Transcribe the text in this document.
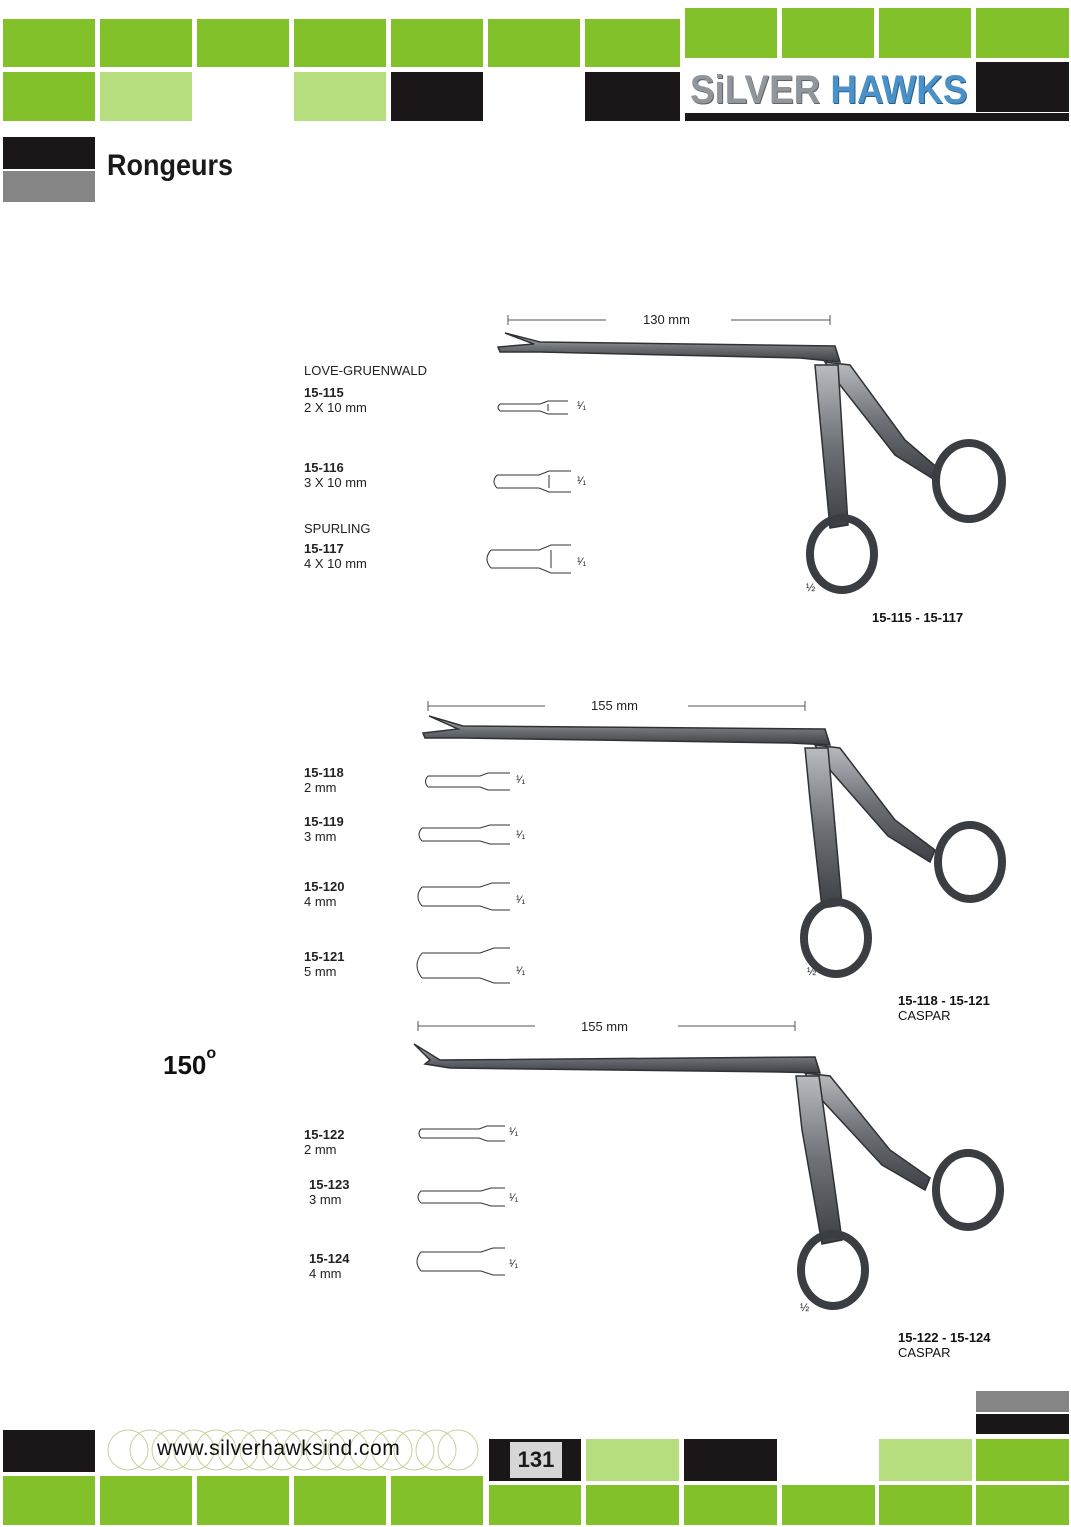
SiLVER HAWKS
Rongeurs
130 mm
LOVE-GRUENWALD
15-115
2 X 10 mm	¹⁄₁
15-116
3 X 10 mm	¹⁄₁
SPURLING
15-117
4 X 10 mm	¹⁄₁
½
15-115 - 15-117
155 mm
15-118
2 mm	¹⁄₁
15-119
3 mm	¹⁄₁
15-120
4 mm	¹⁄₁
15-121
5 mm	¹⁄₁	½
15-118 - 15-121
CASPAR
155 mm
150$^o$
15-122
2 mm
¹⁄₁
15-123
3 mm	¹⁄₁
15-124
4 mm
¹⁄₁
½
15-122 - 15-124
CASPAR
www.silverhawksind.com	131
